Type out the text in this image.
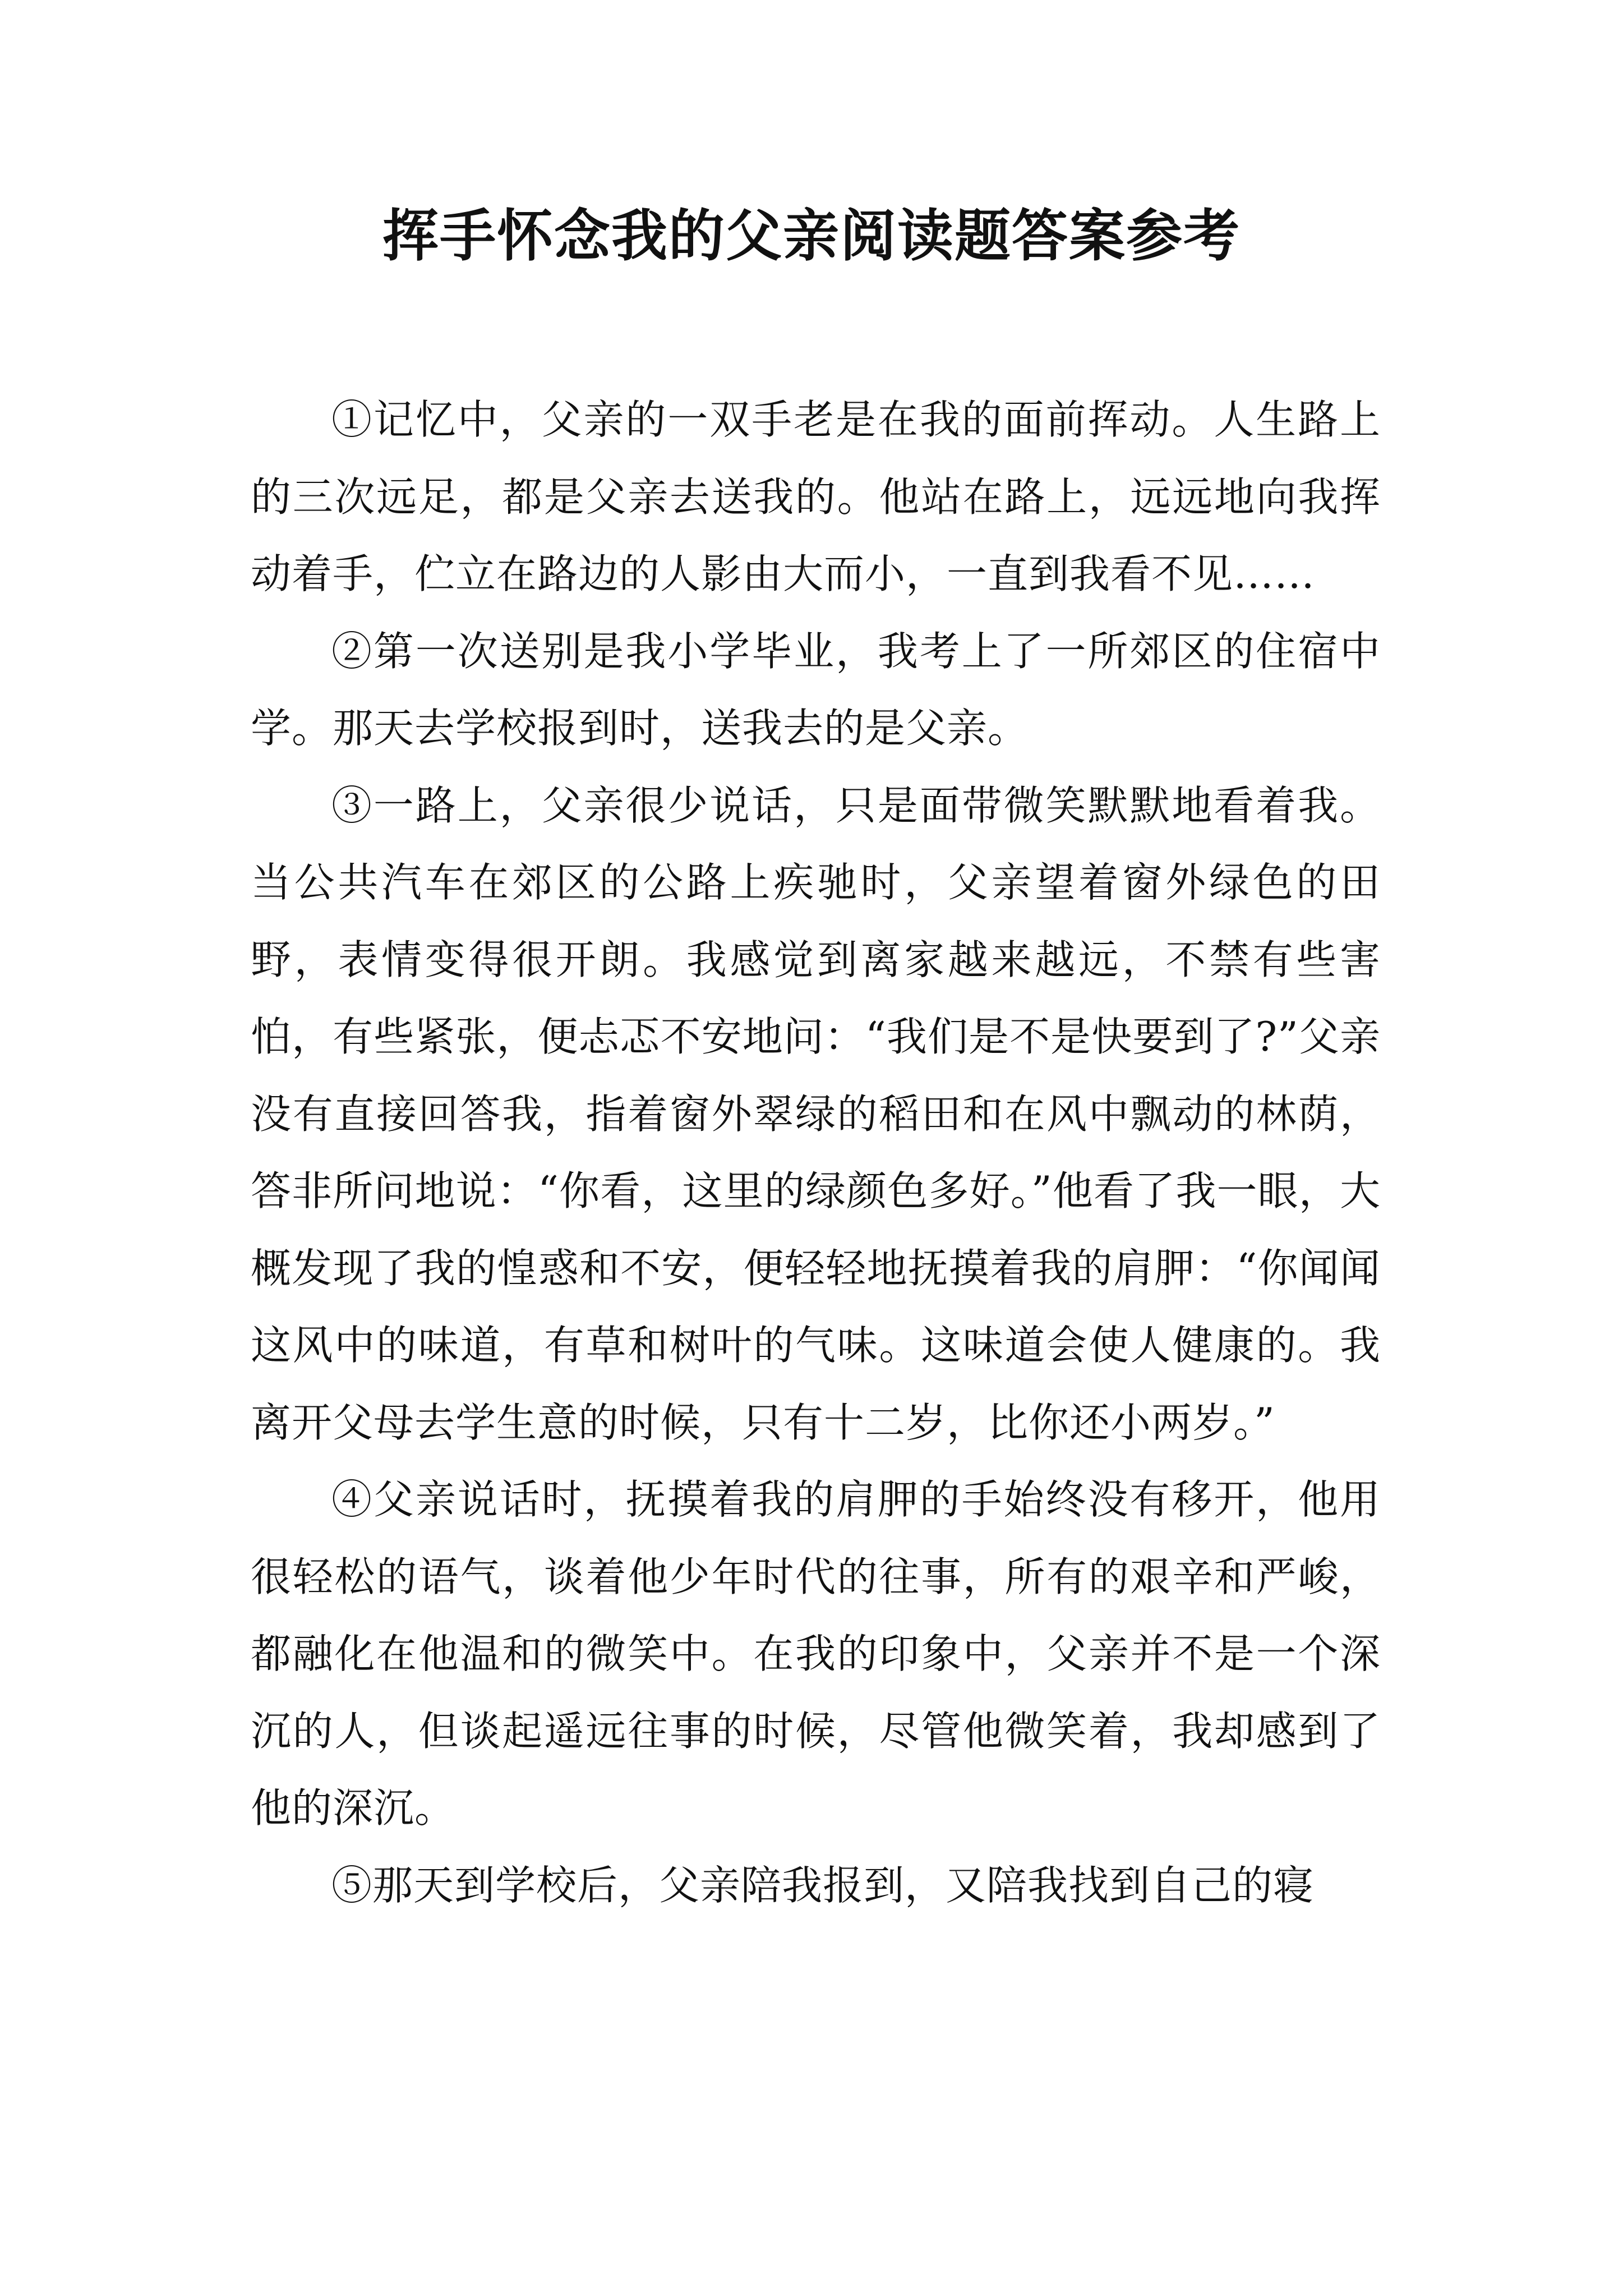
挥手怀念我的父亲阅读题答案参考

①记忆中，父亲的一双手老是在我的面前挥动。人生路上的三次远足，都是父亲去送我的。他站在路上，远远地向我挥动着手，伫立在路边的人影由大而小，一直到我看不见……

②第一次送别是我小学毕业，我考上了一所郊区的住宿中学。那天去学校报到时，送我去的是父亲。

③一路上，父亲很少说话，只是面带微笑默默地看着我。当公共汽车在郊区的公路上疾驰时，父亲望着窗外绿色的田野，表情变得很开朗。我感觉到离家越来越远，不禁有些害怕，有些紧张，便忐忑不安地问：“我们是不是快要到了?”父亲没有直接回答我，指着窗外翠绿的稻田和在风中飘动的林荫，答非所问地说：“你看，这里的绿颜色多好。”他看了我一眼，大概发现了我的惶惑和不安，便轻轻地抚摸着我的肩胛：“你闻闻这风中的味道，有草和树叶的气味。这味道会使人健康的。我离开父母去学生意的时候，只有十二岁，比你还小两岁。”

④父亲说话时，抚摸着我的肩胛的手始终没有移开，他用很轻松的语气，谈着他少年时代的往事，所有的艰辛和严峻，都融化在他温和的微笑中。在我的印象中，父亲并不是一个深沉的人，但谈起遥远往事的时候，尽管他微笑着，我却感到了他的深沉。

⑤那天到学校后，父亲陪我报到，又陪我找到自己的寝
